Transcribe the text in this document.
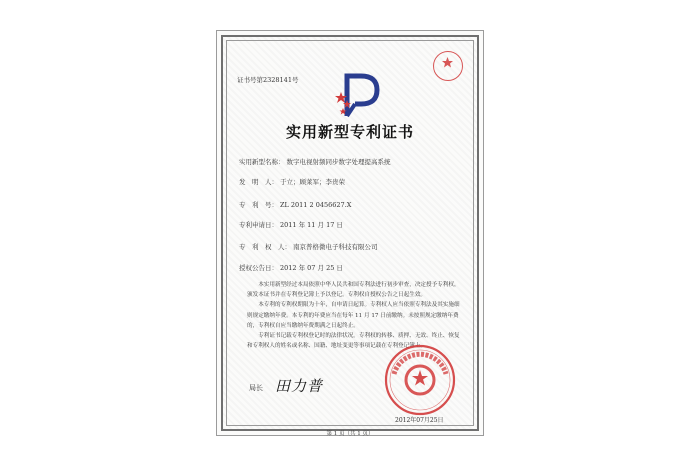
证书号第2328141号
实用新型专利证书
实用新型名称： 数字电视射频同步数字处理提高系统
发　明　人： 于立；顾莱军；李贵荣
专　利　号： ZL 2011 2 0456627.X
专利申请日： 2011 年 11 月 17 日
专　利　权　人： 南京普格微电子科技有限公司
授权公告日： 2012 年 07 月 25 日

本实用新型经过本局依照中华人民共和国专利法进行初步审查，决定授予专利权，颁发本证书并在专利登记簿上予以登记。专利权自授权公告之日起生效。

本专利的专利权期限为十年，自申请日起算。专利权人应当依照专利法及其实施细则规定缴纳年费。本专利的年费应当在每年 11 月 17 日前缴纳。未按照规定缴纳年费的，专利权自应当缴纳年费期满之日起终止。

专利证书记载专利权登记时的法律状况。专利权的转移、质押、无效、终止、恢复和专利权人的姓名或名称、国籍、地址变更等事项记载在专利登记簿上。

局长 田力普
2012年07月25日
第 1 页（共 1 页）
